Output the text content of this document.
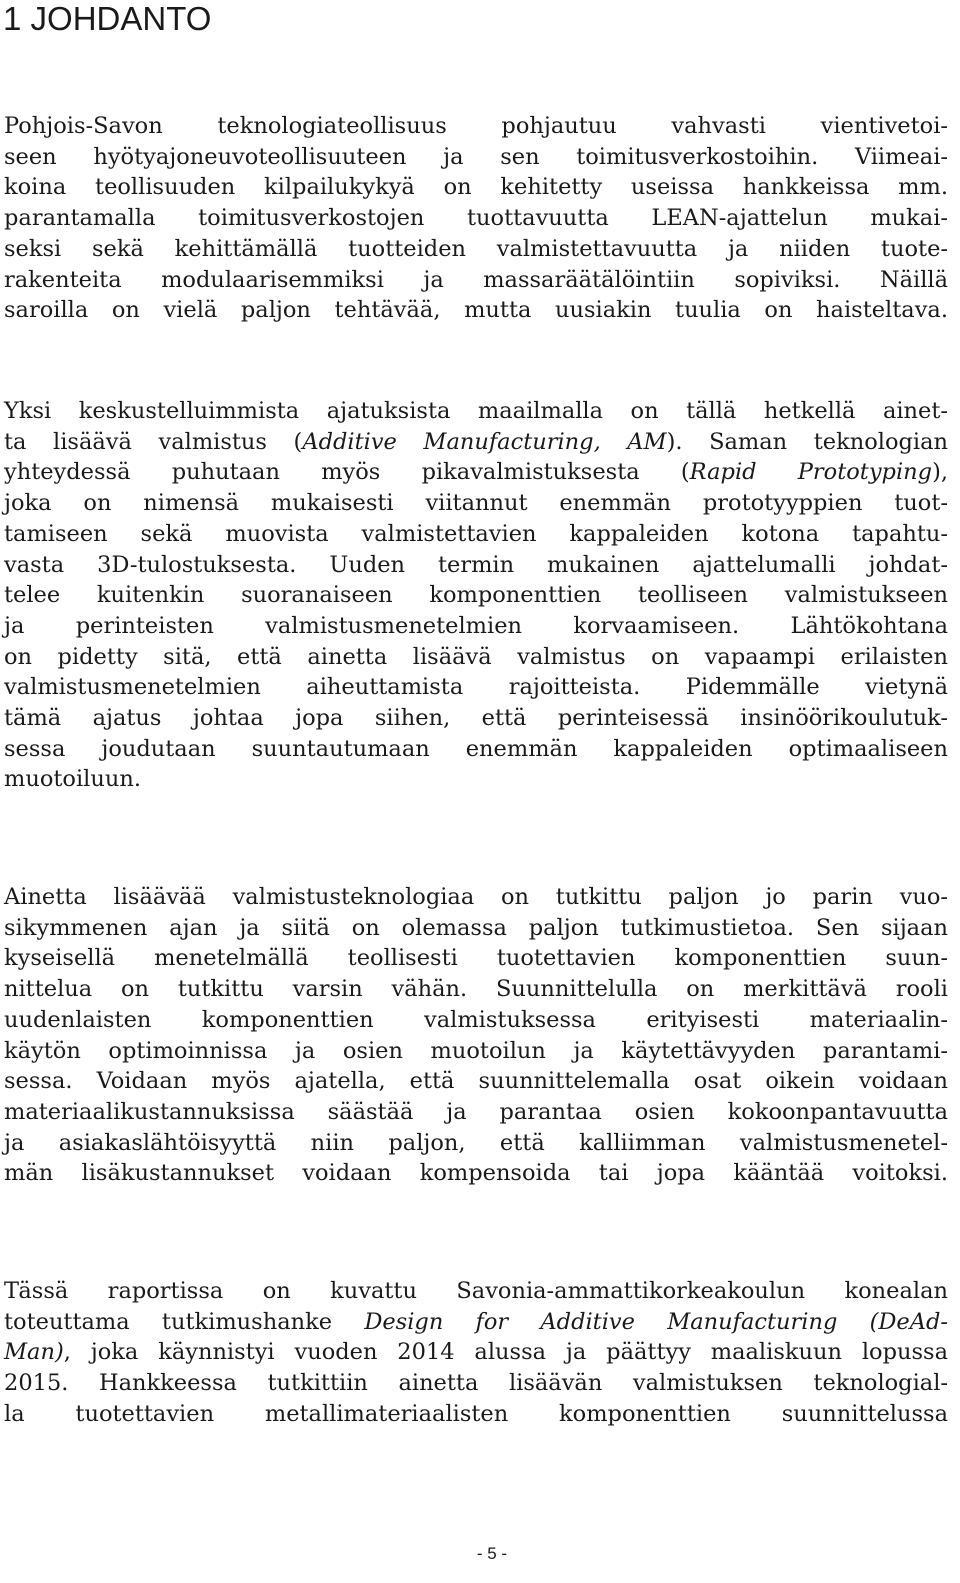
1 JOHDANTO
Pohjois-Savon teknologiateollisuus pohjautuu vahvasti vientivetoi-
seen hyötyajoneuvoteollisuuteen ja sen toimitusverkostoihin. Viimeai-
koina teollisuuden kilpailukykyä on kehitetty useissa hankkeissa mm.
parantamalla toimitusverkostojen tuottavuutta LEAN-ajattelun mukai-
seksi sekä kehittämällä tuotteiden valmistettavuutta ja niiden tuote-
rakenteita modulaarisemmiksi ja massaräätälöintiin sopiviksi. Näillä
saroilla on vielä paljon tehtävää, mutta uusiakin tuulia on haisteltava.
Yksi keskustelluimmista ajatuksista maailmalla on tällä hetkellä ainet-
ta lisäävä valmistus (Additive Manufacturing, AM). Saman teknologian
yhteydessä puhutaan myös pikavalmistuksesta (Rapid Prototyping),
joka on nimensä mukaisesti viitannut enemmän prototyyppien tuot-
tamiseen sekä muovista valmistettavien kappaleiden kotona tapahtu-
vasta 3D-tulostuksesta. Uuden termin mukainen ajattelumalli johdat-
telee kuitenkin suoranaiseen komponenttien teolliseen valmistukseen
ja perinteisten valmistusmenetelmien korvaamiseen. Lähtökohtana
on pidetty sitä, että ainetta lisäävä valmistus on vapaampi erilaisten
valmistusmenetelmien aiheuttamista rajoitteista. Pidemmälle vietynä
tämä ajatus johtaa jopa siihen, että perinteisessä insinöörikoulutuk-
sessa joudutaan suuntautumaan enemmän kappaleiden optimaaliseen
muotoiluun.
Ainetta lisäävää valmistusteknologiaa on tutkittu paljon jo parin vuo-
sikymmenen ajan ja siitä on olemassa paljon tutkimustietoa. Sen sijaan
kyseisellä menetelmällä teollisesti tuotettavien komponenttien suun-
nittelua on tutkittu varsin vähän. Suunnittelulla on merkittävä rooli
uudenlaisten komponenttien valmistuksessa erityisesti materiaalin-
käytön optimoinnissa ja osien muotoilun ja käytettävyyden parantami-
sessa. Voidaan myös ajatella, että suunnittelemalla osat oikein voidaan
materiaalikustannuksissa säästää ja parantaa osien kokoonpantavuutta
ja asiakaslähtöisyyttä niin paljon, että kalliimman valmistusmenetel-
män lisäkustannukset voidaan kompensoida tai jopa kääntää voitoksi.
Tässä raportissa on kuvattu Savonia-ammattikorkeakoulun konealan
toteuttama tutkimushanke Design for Additive Manufacturing (DeAd-
Man), joka käynnistyi vuoden 2014 alussa ja päättyy maaliskuun lopussa
2015. Hankkeessa tutkittiin ainetta lisäävän valmistuksen teknologial-
la tuotettavien metallimateriaalisten komponenttien suunnittelussa
- 5 -
